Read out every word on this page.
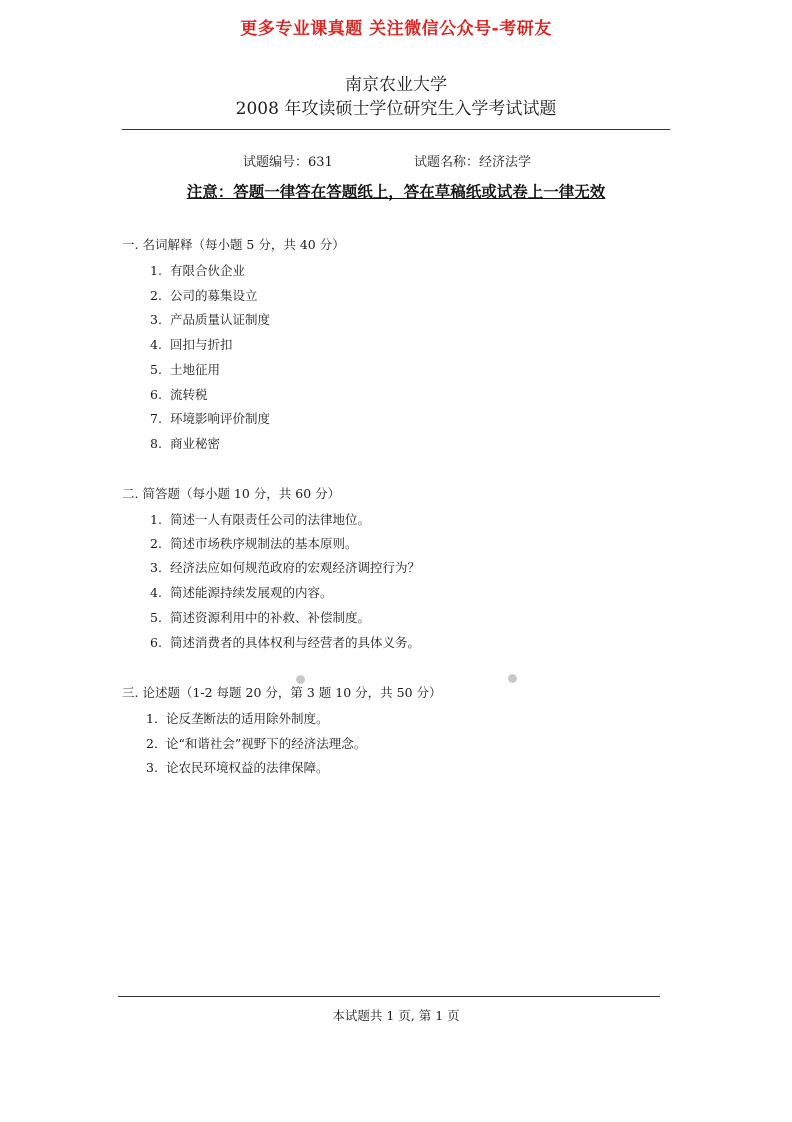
更多专业课真题 关注微信公众号-考研友
南京农业大学
2008 年攻读硕士学位研究生入学考试试题
试题编号：631	试题名称：经济法学
注意：答题一律答在答题纸上，答在草稿纸或试卷上一律无效
一. 名词解释（每小题 5 分，共 40 分）
1. 有限合伙企业
2. 公司的募集设立
3. 产品质量认证制度
4. 回扣与折扣
5. 土地征用
6. 流转税
7. 环境影响评价制度
8. 商业秘密
二. 简答题（每小题 10 分，共 60 分）
1. 简述一人有限责任公司的法律地位。
2. 简述市场秩序规制法的基本原则。
3. 经济法应如何规范政府的宏观经济调控行为？
4. 简述能源持续发展观的内容。
5. 简述资源利用中的补救、补偿制度。
6. 简述消费者的具体权利与经营者的具体义务。
三. 论述题（1-2 每题 20 分，第 3 题 10 分，共 50 分）
1. 论反垄断法的适用除外制度。
2. 论“和谐社会”视野下的经济法理念。
3. 论农民环境权益的法律保障。
本试题共 1 页, 第 1 页
